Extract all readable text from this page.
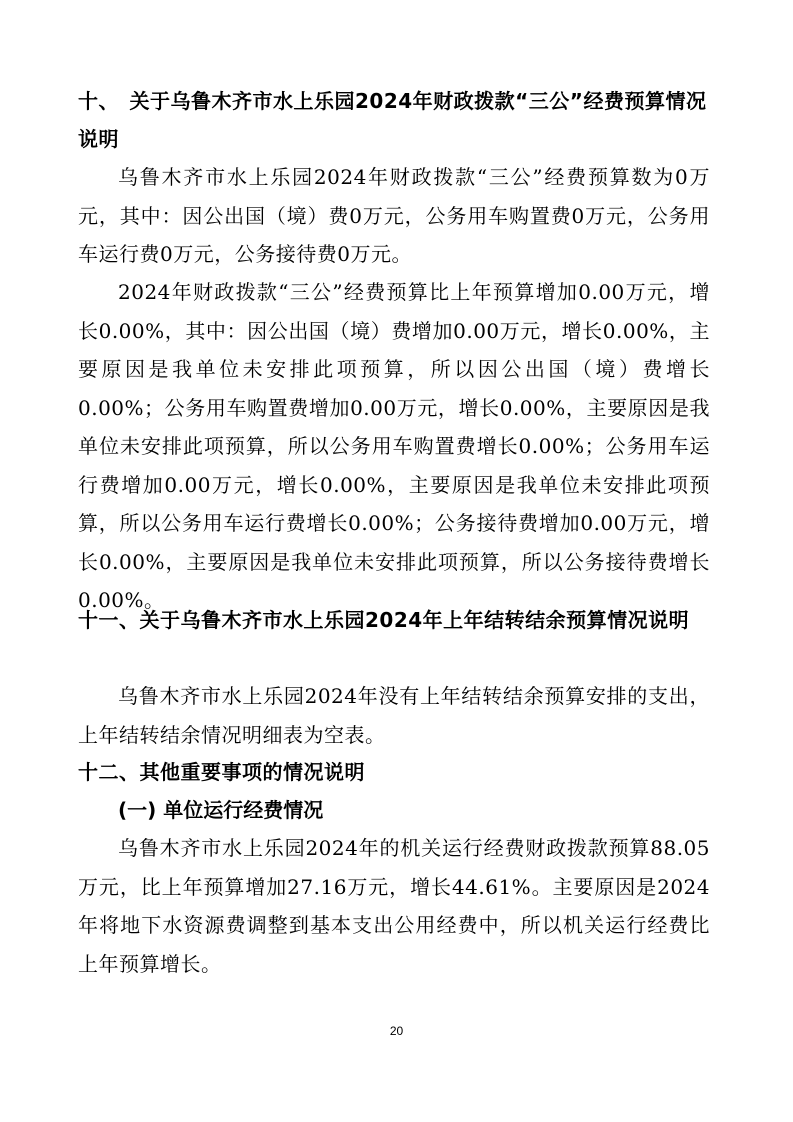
十、　关于乌鲁木齐市水上乐园2024年财政拨款“三公”经费预算情况说明

乌鲁木齐市水上乐园2024年财政拨款“三公”经费预算数为0万元，其中：因公出国（境）费0万元，公务用车购置费0万元，公务用车运行费0万元，公务接待费0万元。

2024年财政拨款“三公”经费预算比上年预算增加0.00万元，增长0.00%，其中：因公出国（境）费增加0.00万元，增长0.00%，主要原因是我单位未安排此项预算，所以因公出国（境）费增长0.00%；公务用车购置费增加0.00万元，增长0.00%，主要原因是我单位未安排此项预算，所以公务用车购置费增长0.00%；公务用车运行费增加0.00万元，增长0.00%，主要原因是我单位未安排此项预算，所以公务用车运行费增长0.00%；公务接待费增加0.00万元，增长0.00%，主要原因是我单位未安排此项预算，所以公务接待费增长0.00%。

十一、关于乌鲁木齐市水上乐园2024年上年结转结余预算情况说明

乌鲁木齐市水上乐园2024年没有上年结转结余预算安排的支出，上年结转结余情况明细表为空表。

十二、其他重要事项的情况说明
(一) 单位运行经费情况

乌鲁木齐市水上乐园2024年的机关运行经费财政拨款预算88.05万元，比上年预算增加27.16万元，增长44.61%。主要原因是2024年将地下水资源费调整到基本支出公用经费中，所以机关运行经费比上年预算增长。

20
